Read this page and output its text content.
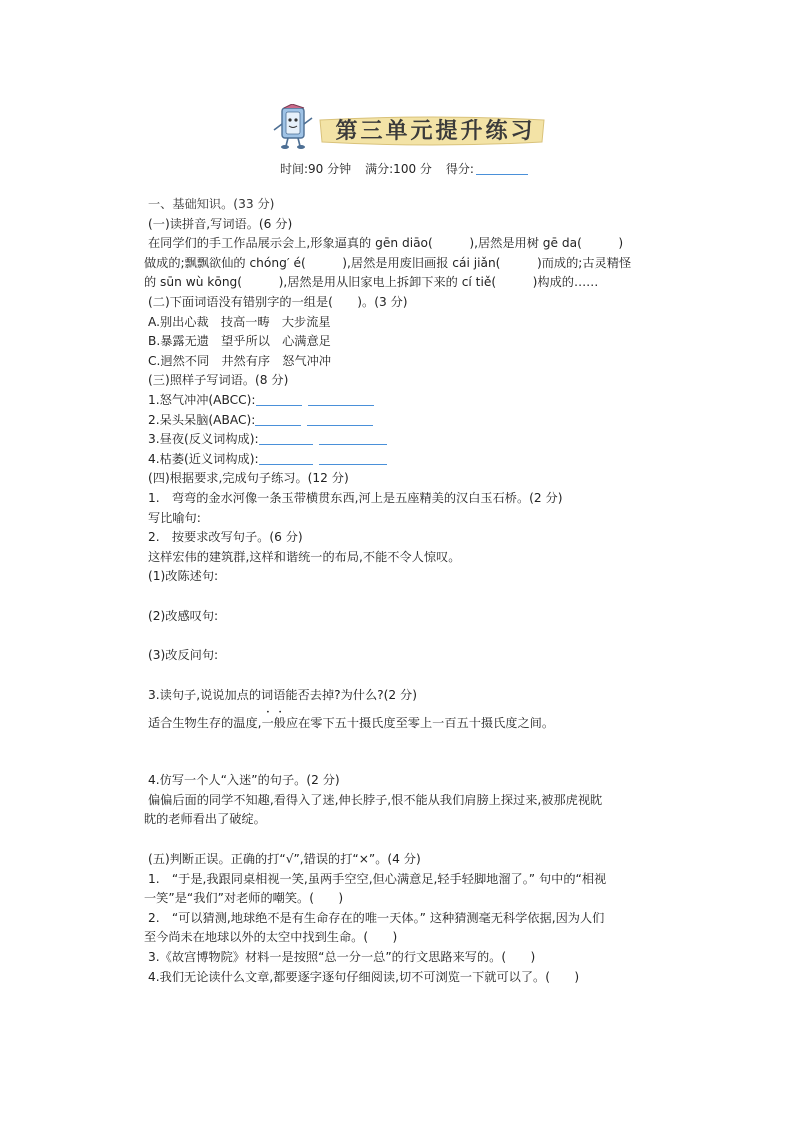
第三单元提升练习
时间:90 分钟 满分:100 分 得分:
一、基础知识。(33 分)
(一)读拼音,写词语。(6 分)
在同学们的手工作品展示会上,形象逼真的 gēn diāo(　　　),居然是用树 gē da(　　　)
做成的;飘飘欲仙的 chóng′ é(　　　),居然是用废旧画报 cái jiǎn(　　　)而成的;古灵精怪
的 sūn wù kōng(　　　),居然是用从旧家电上拆卸下来的 cí tiě(　　　)构成的……
(二)下面词语没有错别字的一组是(　　)。(3 分)
A.别出心裁　技高一畴　大步流星
B.暴露无遗　望乎所以　心满意足
C.迥然不同　井然有序　怒气冲冲
(三)照样子写词语。(8 分)
1.怒气冲冲(ABCC):
2.呆头呆脑(ABAC):
3.昼夜(反义词构成):
4.枯萎(近义词构成):
(四)根据要求,完成句子练习。(12 分)
1.　弯弯的金水河像一条玉带横贯东西,河上是五座精美的汉白玉石桥。(2 分)
写比喻句:
2.　按要求改写句子。(6 分)
这样宏伟的建筑群,这样和谐统一的布局,不能不令人惊叹。
(1)改陈述句:
(2)改感叹句:
(3)改反问句:
3.读句子,说说加点的词语能否去掉?为什么?(2 分)
适合生物生存的温度,一般应在零下五十摄氏度至零上一百五十摄氏度之间。
4.仿写一个人“入迷”的句子。(2 分)
偏偏后面的同学不知趣,看得入了迷,伸长脖子,恨不能从我们肩膀上探过来,被那虎视眈
眈的老师看出了破绽。
(五)判断正误。正确的打“√”,错误的打“×”。(4 分)
1.　“于是,我跟同桌相视一笑,虽两手空空,但心满意足,轻手轻脚地溜了。” 句中的“相视
一笑”是“我们”对老师的嘲笑。(　　)
2.　“可以猜测,地球绝不是有生命存在的唯一天体。” 这种猜测毫无科学依据,因为人们
至今尚未在地球以外的太空中找到生命。(　　)
3.《故宫博物院》材料一是按照“总一分一总”的行文思路来写的。(　　)
4.我们无论读什么文章,都要逐字逐句仔细阅读,切不可浏览一下就可以了。(　　)
